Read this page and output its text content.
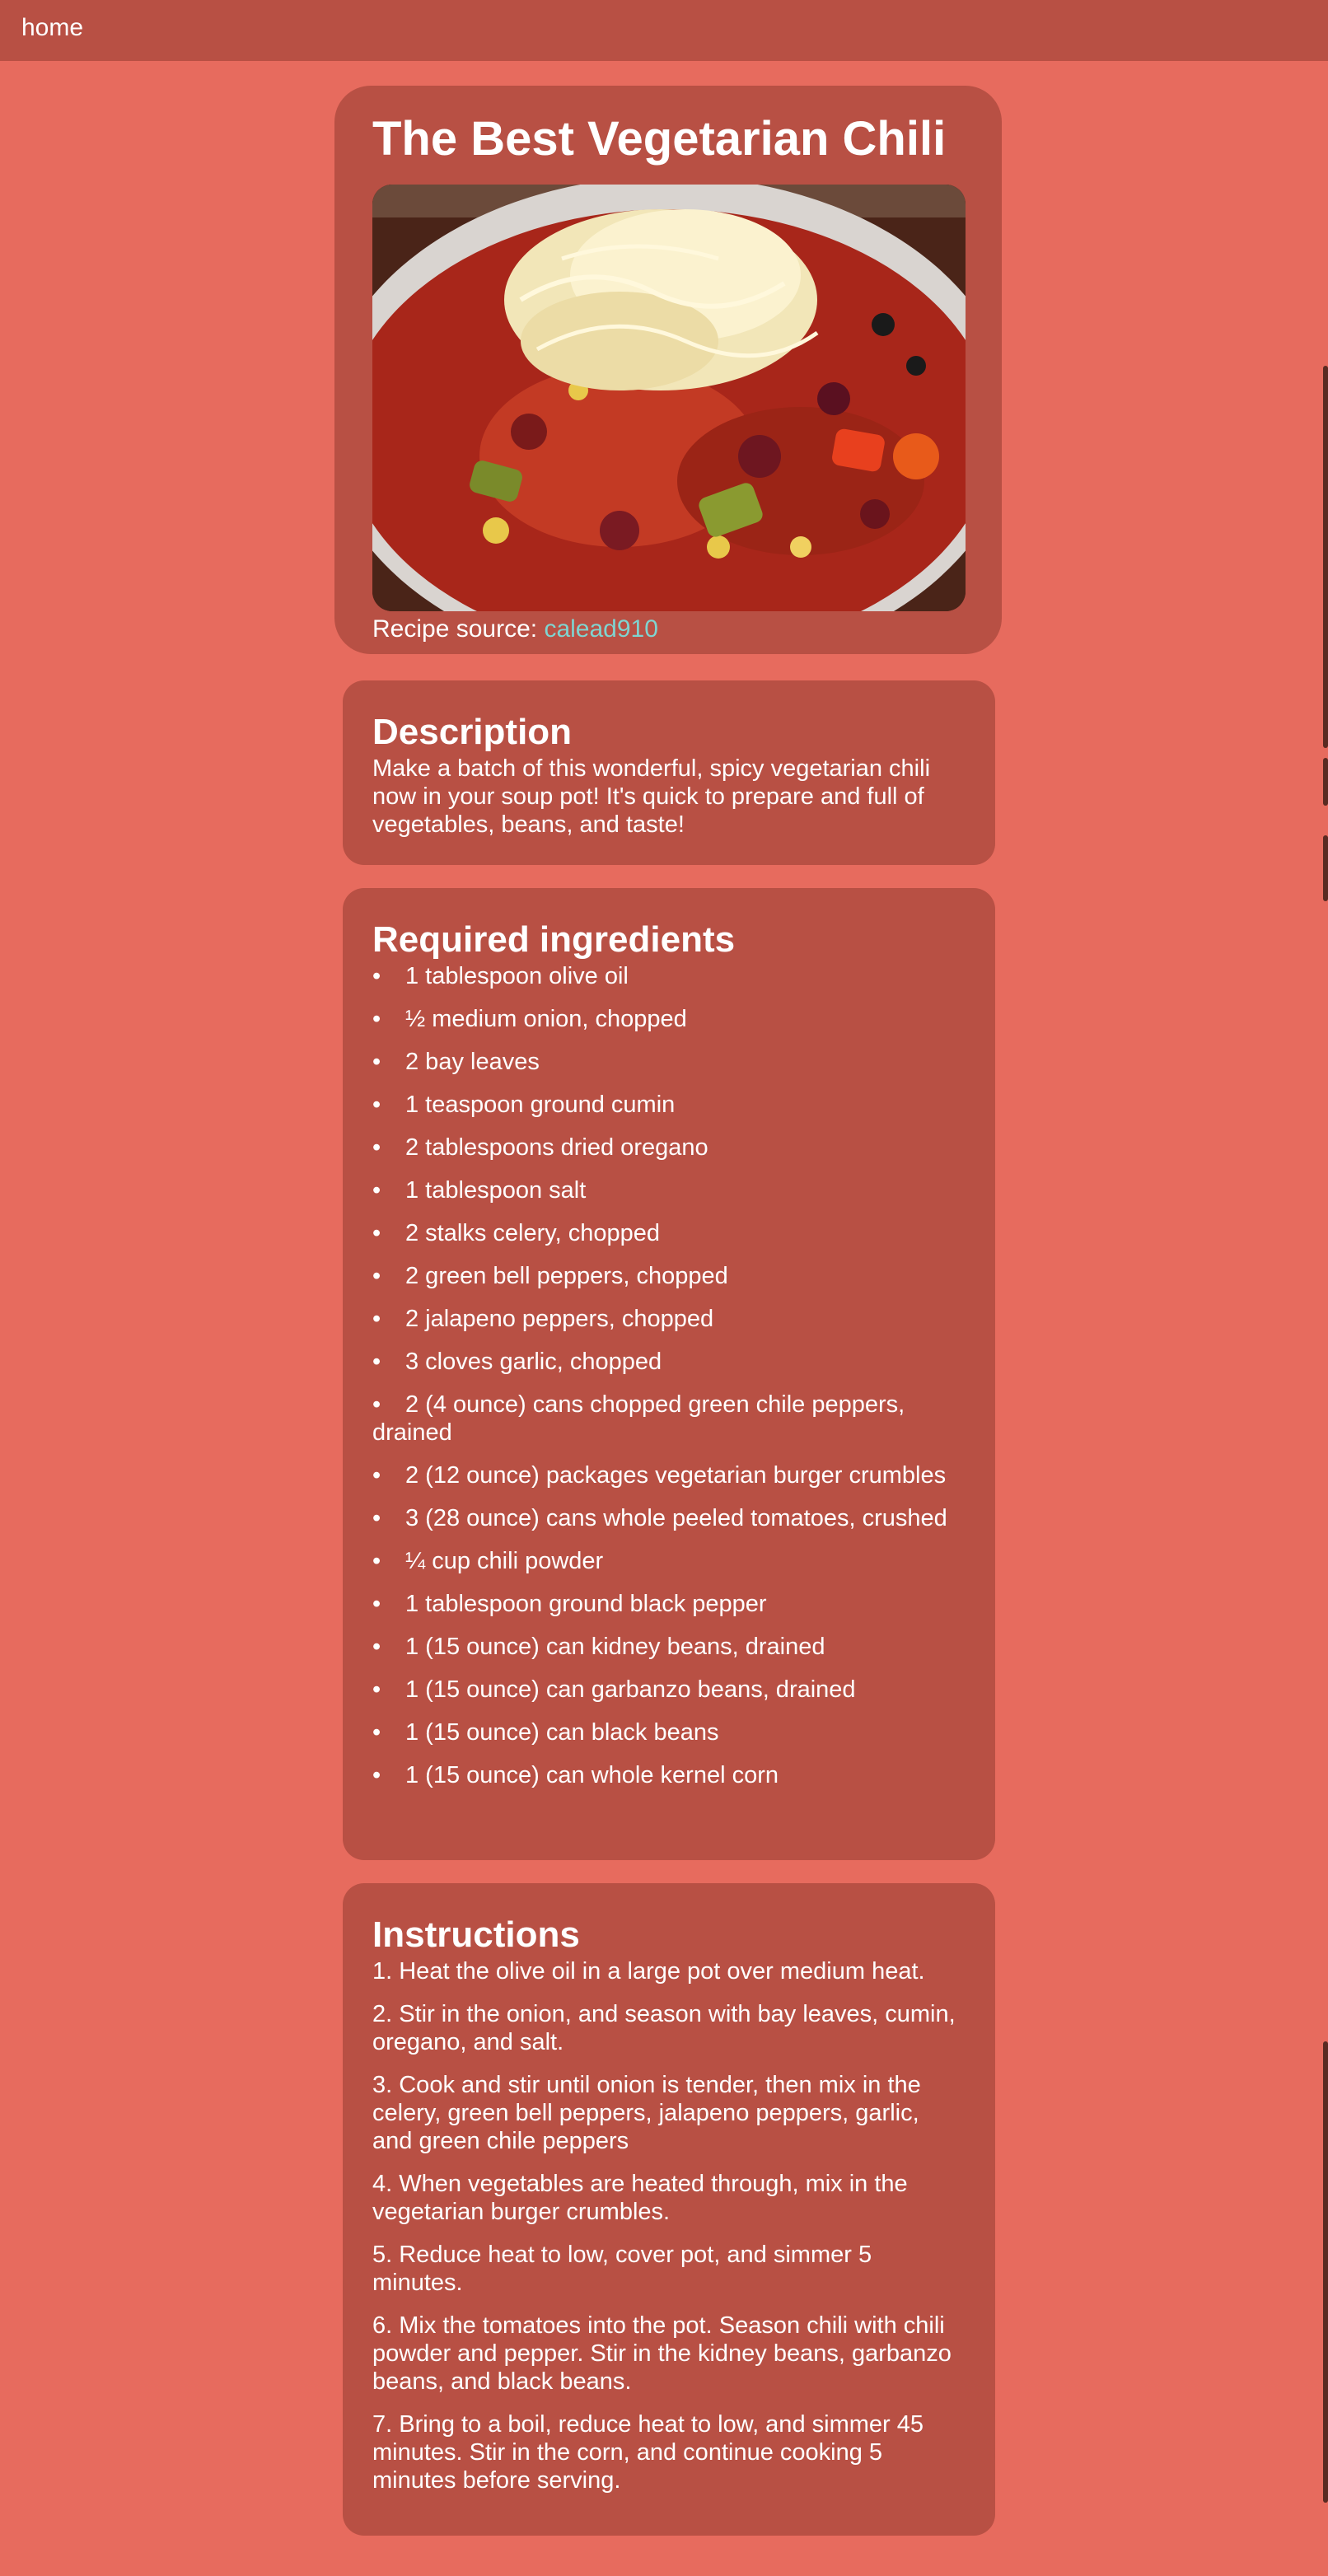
home
The Best Vegetarian Chili
Recipe source: calead910
Description

Make a batch of this wonderful, spicy vegetarian chili now in your soup pot! It's quick to prepare and full of vegetables, beans, and taste!

Required ingredients
• 1 tablespoon olive oil
• ½ medium onion, chopped
• 2 bay leaves
• 1 teaspoon ground cumin
• 2 tablespoons dried oregano
• 1 tablespoon salt
• 2 stalks celery, chopped
• 2 green bell peppers, chopped
• 2 jalapeno peppers, chopped
• 3 cloves garlic, chopped
• 2 (4 ounce) cans chopped green chile peppers, drained
• 2 (12 ounce) packages vegetarian burger crumbles
• 3 (28 ounce) cans whole peeled tomatoes, crushed
• ¼ cup chili powder
• 1 tablespoon ground black pepper
• 1 (15 ounce) can kidney beans, drained
• 1 (15 ounce) can garbanzo beans, drained
• 1 (15 ounce) can black beans
• 1 (15 ounce) can whole kernel corn
Instructions

1. Heat the olive oil in a large pot over medium heat.

2. Stir in the onion, and season with bay leaves, cumin, oregano, and salt.

3. Cook and stir until onion is tender, then mix in the celery, green bell peppers, jalapeno peppers, garlic, and green chile peppers

4. When vegetables are heated through, mix in the vegetarian burger crumbles.

5. Reduce heat to low, cover pot, and simmer 5 minutes.

6. Mix the tomatoes into the pot. Season chili with chili powder and pepper. Stir in the kidney beans, garbanzo beans, and black beans.

7. Bring to a boil, reduce heat to low, and simmer 45 minutes. Stir in the corn, and continue cooking 5 minutes before serving.
